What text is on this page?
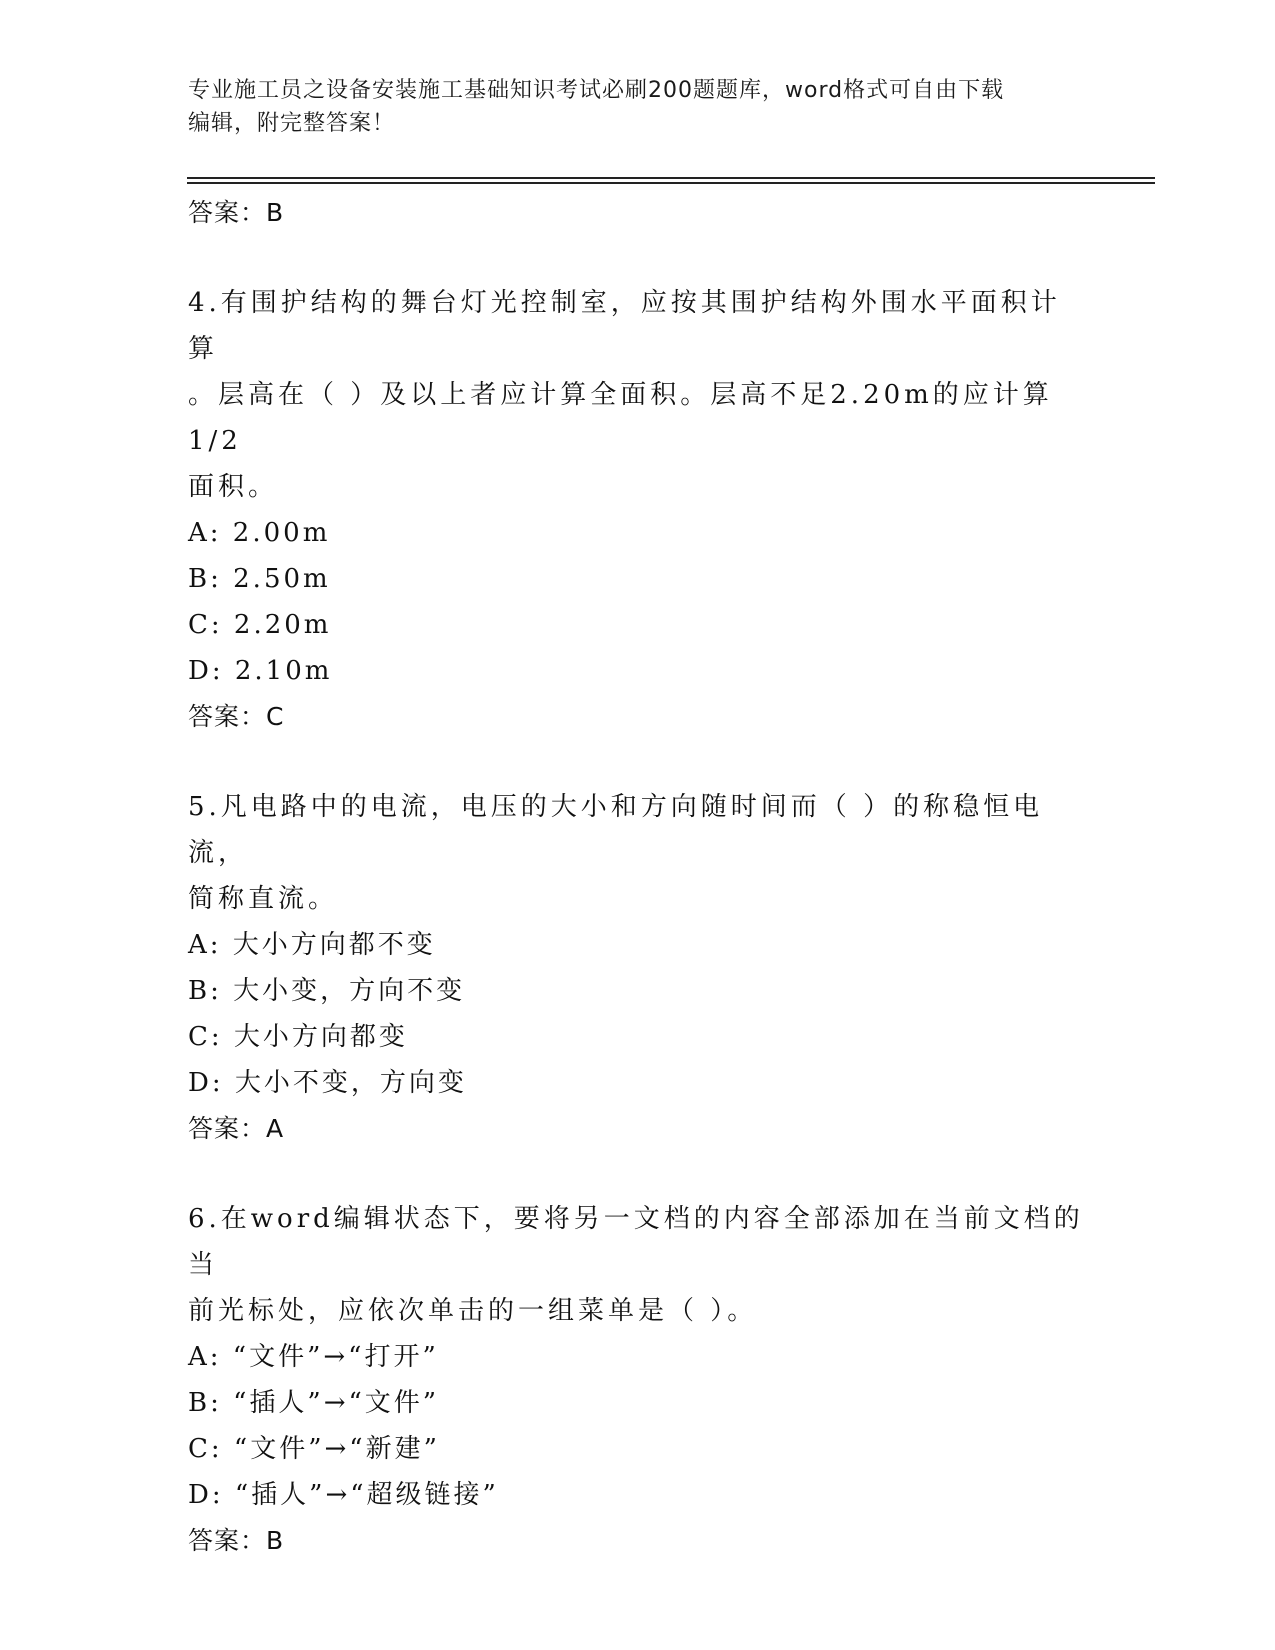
专业施工员之设备安装施工基础知识考试必刷200题题库，word格式可自由下载
编辑，附完整答案！
答案：B
4.有围护结构的舞台灯光控制室，应按其围护结构外围水平面积计算
。层高在（ ）及以上者应计算全面积。层高不足2.20m的应计算1/2
面积。
A: 2.00m
B: 2.50m
C: 2.20m
D: 2.10m
答案：C
5.凡电路中的电流，电压的大小和方向随时间而（ ）的称稳恒电流，
简称直流。
A: 大小方向都不变
B: 大小变，方向不变
C: 大小方向都变
D: 大小不变，方向变
答案：A
6.在word编辑状态下，要将另一文档的内容全部添加在当前文档的当
前光标处，应依次单击的一组菜单是（ ）。
A: “文件”→“打开”
B: “插人”→“文件”
C: “文件”→“新建”
D: “插人”→“超级链接”
答案：B
